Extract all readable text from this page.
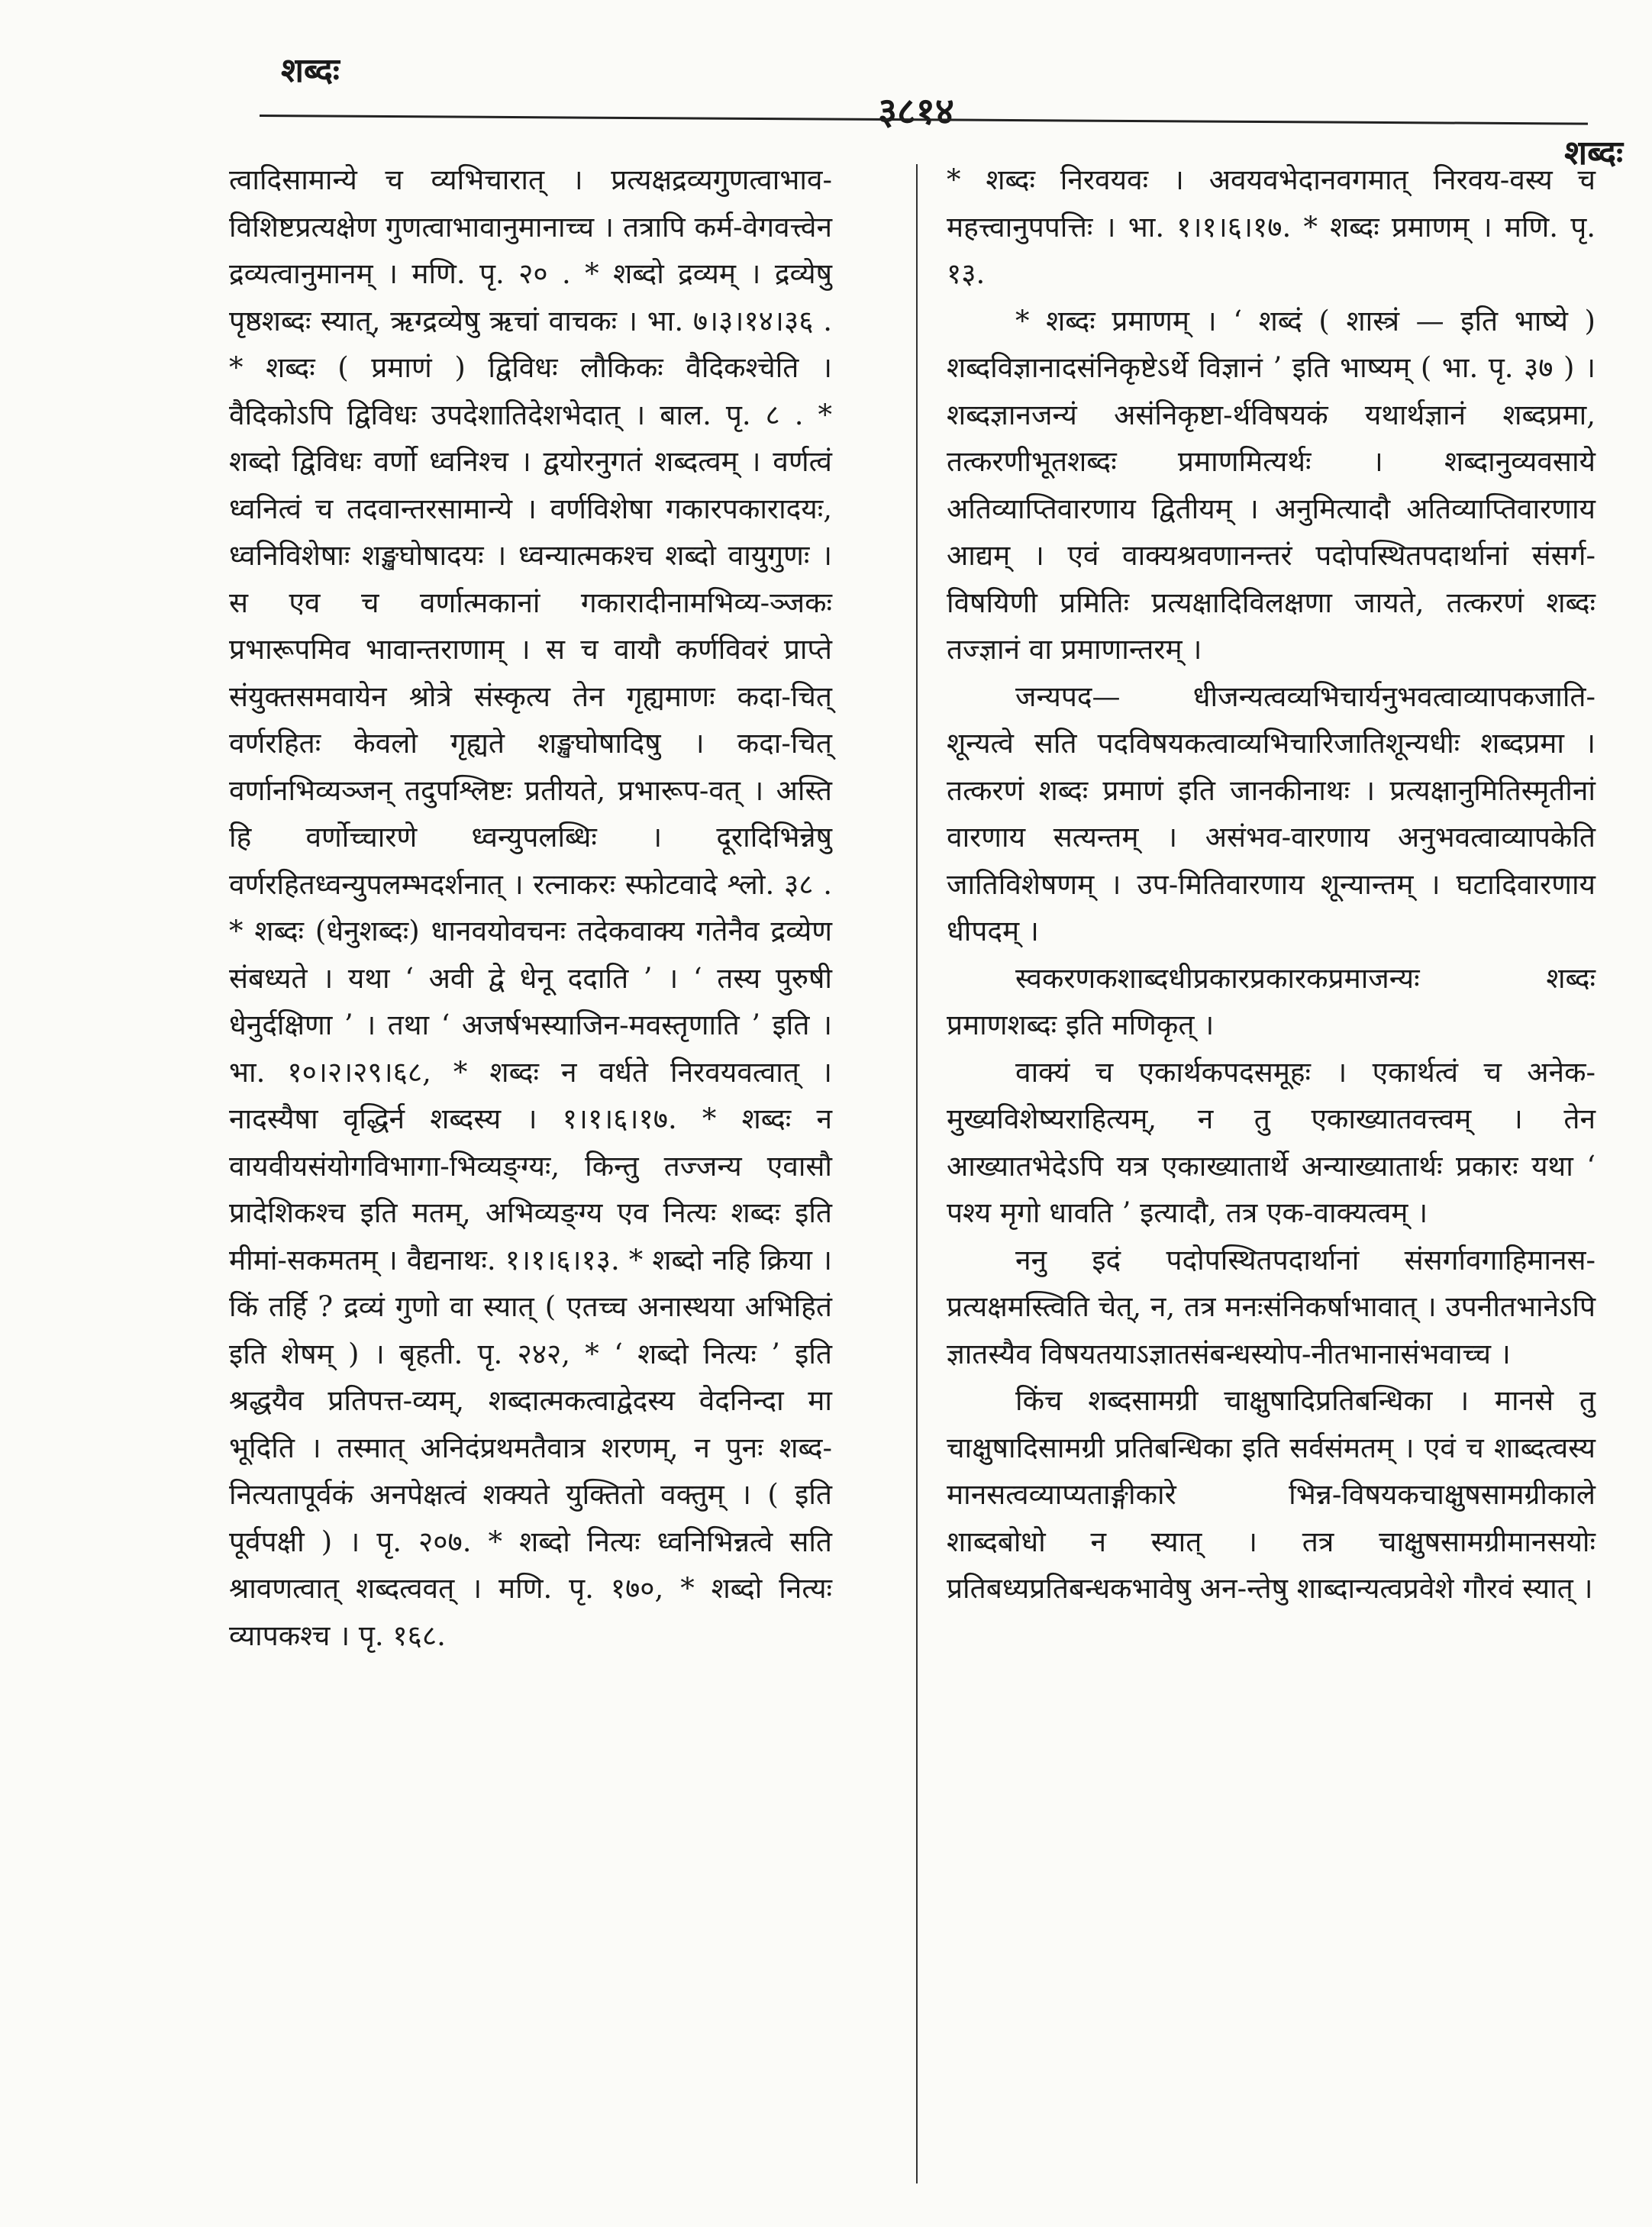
शब्दः
३८१४
शब्दः

त्वादिसामान्ये च व्यभिचारात् । प्रत्यक्षद्रव्यगुणत्वाभाव-विशिष्टप्रत्यक्षेण गुणत्वाभावानुमानाच्च । तत्रापि कर्म-वेगवत्त्वेन द्रव्यत्वानुमानम् । मणि. पृ. २० . * शब्दो द्रव्यम् । द्रव्येषु पृष्ठशब्दः स्यात्, ऋग्द्रव्येषु ऋचां वाचकः । भा. ७।३।१४।३६ . * शब्दः ( प्रमाणं ) द्विविधः लौकिकः वैदिकश्चेति । वैदिकोऽपि द्विविधः उपदेशातिदेशभेदात् । बाल. पृ. ८ . * शब्दो द्विविधः वर्णो ध्वनिश्च । द्वयोरनुगतं शब्दत्वम् । वर्णत्वं ध्वनित्वं च तदवान्तरसामान्ये । वर्णविशेषा गकारपकारादयः, ध्वनिविशेषाः शङ्खघोषादयः । ध्वन्यात्मकश्च शब्दो वायुगुणः । स एव च वर्णात्मकानां गकारादीनामभिव्य-ञ्जकः प्रभारूपमिव भावान्तराणाम् । स च वायौ कर्णविवरं प्राप्ते संयुक्तसमवायेन श्रोत्रे संस्कृत्य तेन गृह्यमाणः कदा-चित् वर्णरहितः केवलो गृह्यते शङ्खघोषादिषु । कदा-चित् वर्णानभिव्यञ्जन् तदुपश्लिष्टः प्रतीयते, प्रभारूप-वत् । अस्ति हि वर्णोच्चारणे ध्वन्युपलब्धिः । दूरादिभिन्नेषु वर्णरहितध्वन्युपलम्भदर्शनात् । रत्नाकरः स्फोटवादे श्लो. ३८ . * शब्दः (धेनुशब्दः) धानवयोवचनः तदेकवाक्य गतेनैव द्रव्येण संबध्यते । यथा ‘ अवी द्वे धेनू ददाति ’ । ‘ तस्य पुरुषी धेनुर्दक्षिणा ’ । तथा ‘ अजर्षभस्याजिन-मवस्तृणाति ’ इति । भा. १०।२।२९।६८, * शब्दः न वर्धते निरवयवत्वात् । नादस्यैषा वृद्धिर्न शब्दस्य । १।१।६।१७. * शब्दः न वायवीयसंयोगविभागा-भिव्यङ्ग्यः, किन्तु तज्जन्य एवासौ प्रादेशिकश्च इति मतम्, अभिव्यङ्ग्य एव नित्यः शब्दः इति मीमां-सकमतम् । वैद्यनाथः. १।१।६।१३. * शब्दो नहि क्रिया । किं तर्हि ? द्रव्यं गुणो वा स्यात् ( एतच्च अनास्थया अभिहितं इति शेषम् ) । बृहती. पृ. २४२, * ‘ शब्दो नित्यः ’ इति श्रद्धयैव प्रतिपत्त-व्यम्, शब्दात्मकत्वाद्वेदस्य वेदनिन्दा मा भूदिति । तस्मात् अनिदंप्रथमतैवात्र शरणम्, न पुनः शब्द-नित्यतापूर्वकं अनपेक्षत्वं शक्यते युक्तितो वक्तुम् । ( इति पूर्वपक्षी ) । पृ. २०७. * शब्दो नित्यः ध्वनिभिन्नत्वे सति श्रावणत्वात् शब्दत्ववत् । मणि. पृ. १७०, * शब्दो नित्यः व्यापकश्च । पृ. १६८.

* शब्दः निरवयवः । अवयवभेदानवगमात् निरवय-वस्य च महत्त्वानुपपत्तिः । भा. १।१।६।१७. * शब्दः प्रमाणम् । मणि. पृ. १३.

* शब्दः प्रमाणम् । ‘ शब्दं ( शास्त्रं — इति भाष्ये ) शब्दविज्ञानादसंनिकृष्टेऽर्थे विज्ञानं ’ इति भाष्यम् ( भा. पृ. ३७ ) । शब्दज्ञानजन्यं असंनिकृष्टा-र्थविषयकं यथार्थज्ञानं शब्दप्रमा, तत्करणीभूतशब्दः प्रमाणमित्यर्थः । शब्दानुव्यवसाये अतिव्याप्तिवारणाय द्वितीयम् । अनुमित्यादौ अतिव्याप्तिवारणाय आद्यम् । एवं वाक्यश्रवणानन्तरं पदोपस्थितपदार्थानां संसर्ग-विषयिणी प्रमितिः प्रत्यक्षादिविलक्षणा जायते, तत्करणं शब्दः तज्ज्ञानं वा प्रमाणान्तरम् ।

जन्यपद— धीजन्यत्वव्यभिचार्यनुभवत्वाव्यापकजाति-शून्यत्वे सति पदविषयकत्वाव्यभिचारिजातिशून्यधीः शब्दप्रमा । तत्करणं शब्दः प्रमाणं इति जानकीनाथः । प्रत्यक्षानुमितिस्मृतीनां वारणाय सत्यन्तम् । असंभव-वारणाय अनुभवत्वाव्यापकेति जातिविशेषणम् । उप-मितिवारणाय शून्यान्तम् । घटादिवारणाय धीपदम् ।

स्वकरणकशाब्दधीप्रकारप्रकारकप्रमाजन्यः शब्दः प्रमाणशब्दः इति मणिकृत् ।

वाक्यं च एकार्थकपदसमूहः । एकार्थत्वं च अनेक-मुख्यविशेष्यराहित्यम्, न तु एकाख्यातवत्त्वम् । तेन आख्यातभेदेऽपि यत्र एकाख्यातार्थे अन्याख्यातार्थः प्रकारः यथा ‘ पश्य मृगो धावति ’ इत्यादौ, तत्र एक-वाक्यत्वम् ।

ननु इदं पदोपस्थितपदार्थानां संसर्गावगाहिमानस-प्रत्यक्षमस्त्विति चेत्, न, तत्र मनःसंनिकर्षाभावात् । उपनीतभानेऽपि ज्ञातस्यैव विषयतयाऽज्ञातसंबन्धस्योप-नीतभानासंभवाच्च ।

किंच शब्दसामग्री चाक्षुषादिप्रतिबन्धिका । मानसे तु चाक्षुषादिसामग्री प्रतिबन्धिका इति सर्वसंमतम् । एवं च शाब्दत्वस्य मानसत्वव्याप्यताङ्गीकारे भिन्न-विषयकचाक्षुषसामग्रीकाले शाब्दबोधो न स्यात् । तत्र चाक्षुषसामग्रीमानसयोः प्रतिबध्यप्रतिबन्धकभावेषु अन-न्तेषु शाब्दान्यत्वप्रवेशे गौरवं स्यात् ।
